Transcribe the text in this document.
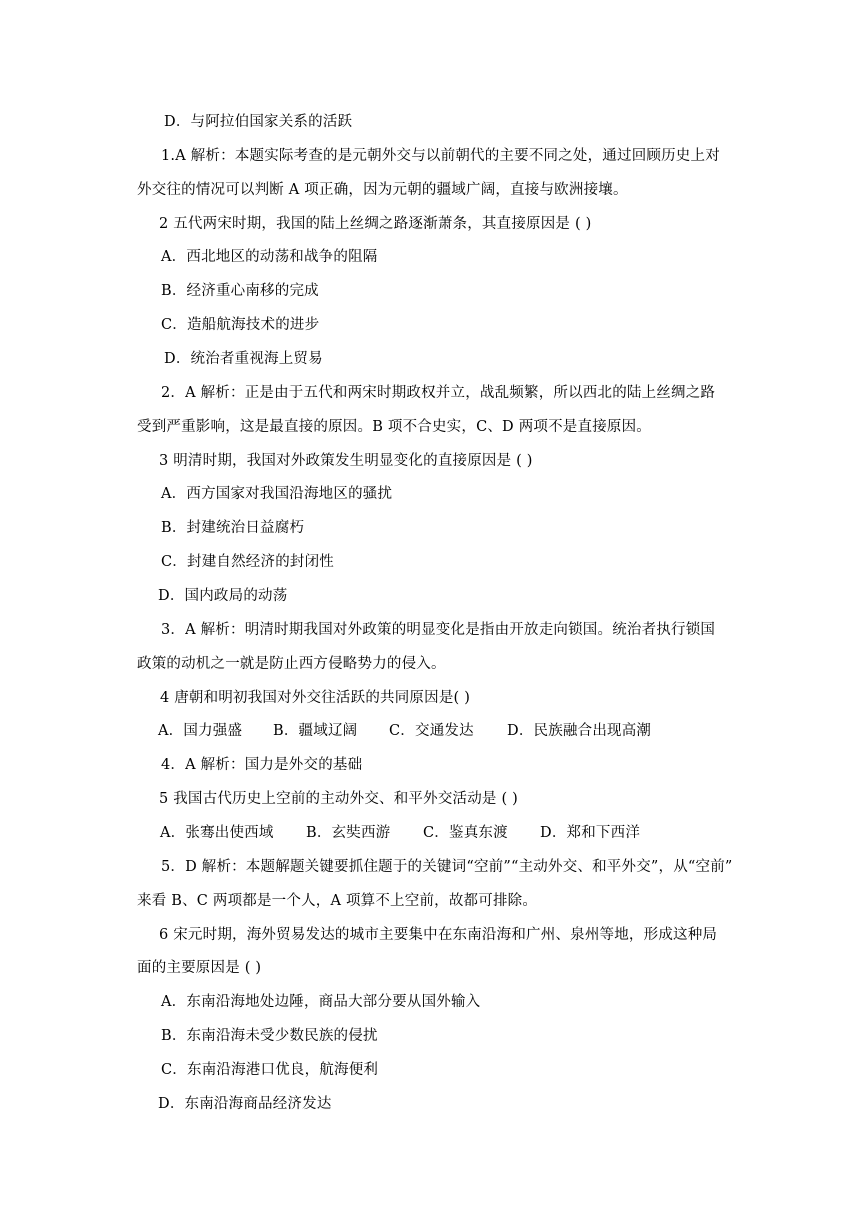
D．与阿拉伯国家关系的活跃
1.A 解析：本题实际考查的是元朝外交与以前朝代的主要不同之处，通过回顾历史上对
外交往的情况可以判断 A 项正确，因为元朝的疆域广阔，直接与欧洲接壤。
2 五代两宋时期，我国的陆上丝绸之路逐渐萧条，其直接原因是 ( )
A．西北地区的动荡和战争的阻隔
B．经济重心南移的完成
C．造船航海技术的进步
D．统治者重视海上贸易
2．A 解析：正是由于五代和两宋时期政权并立，战乱频繁，所以西北的陆上丝绸之路
受到严重影响，这是最直接的原因。B 项不合史实，C、D 两项不是直接原因。
3 明清时期，我国对外政策发生明显变化的直接原因是 ( )
A．西方国家对我国沿海地区的骚扰
B．封建统治日益腐朽
C．封建自然经济的封闭性
D．国内政局的动荡
3．A 解析：明清时期我国对外政策的明显变化是指由开放走向锁国。统治者执行锁国
政策的动机之一就是防止西方侵略势力的侵入。
4 唐朝和明初我国对外交往活跃的共同原因是( )
A．国力强盛 B．疆域辽阔 C．交通发达 D．民族融合出现高潮
4．A 解析：国力是外交的基础
5 我国古代历史上空前的主动外交、和平外交活动是 ( )
A．张骞出使西域 B．玄奘西游 C．鉴真东渡 D．郑和下西洋
5．D 解析：本题解题关键要抓住题于的关键词“空前”“主动外交、和平外交”，从“空前”
来看 B、C 两项都是一个人，A 项算不上空前，故都可排除。
6 宋元时期，海外贸易发达的城市主要集中在东南沿海和广州、泉州等地，形成这种局
面的主要原因是 ( )
A．东南沿海地处边陲，商品大部分要从国外输入
B．东南沿海未受少数民族的侵扰
C．东南沿海港口优良，航海便利
D．东南沿海商品经济发达
